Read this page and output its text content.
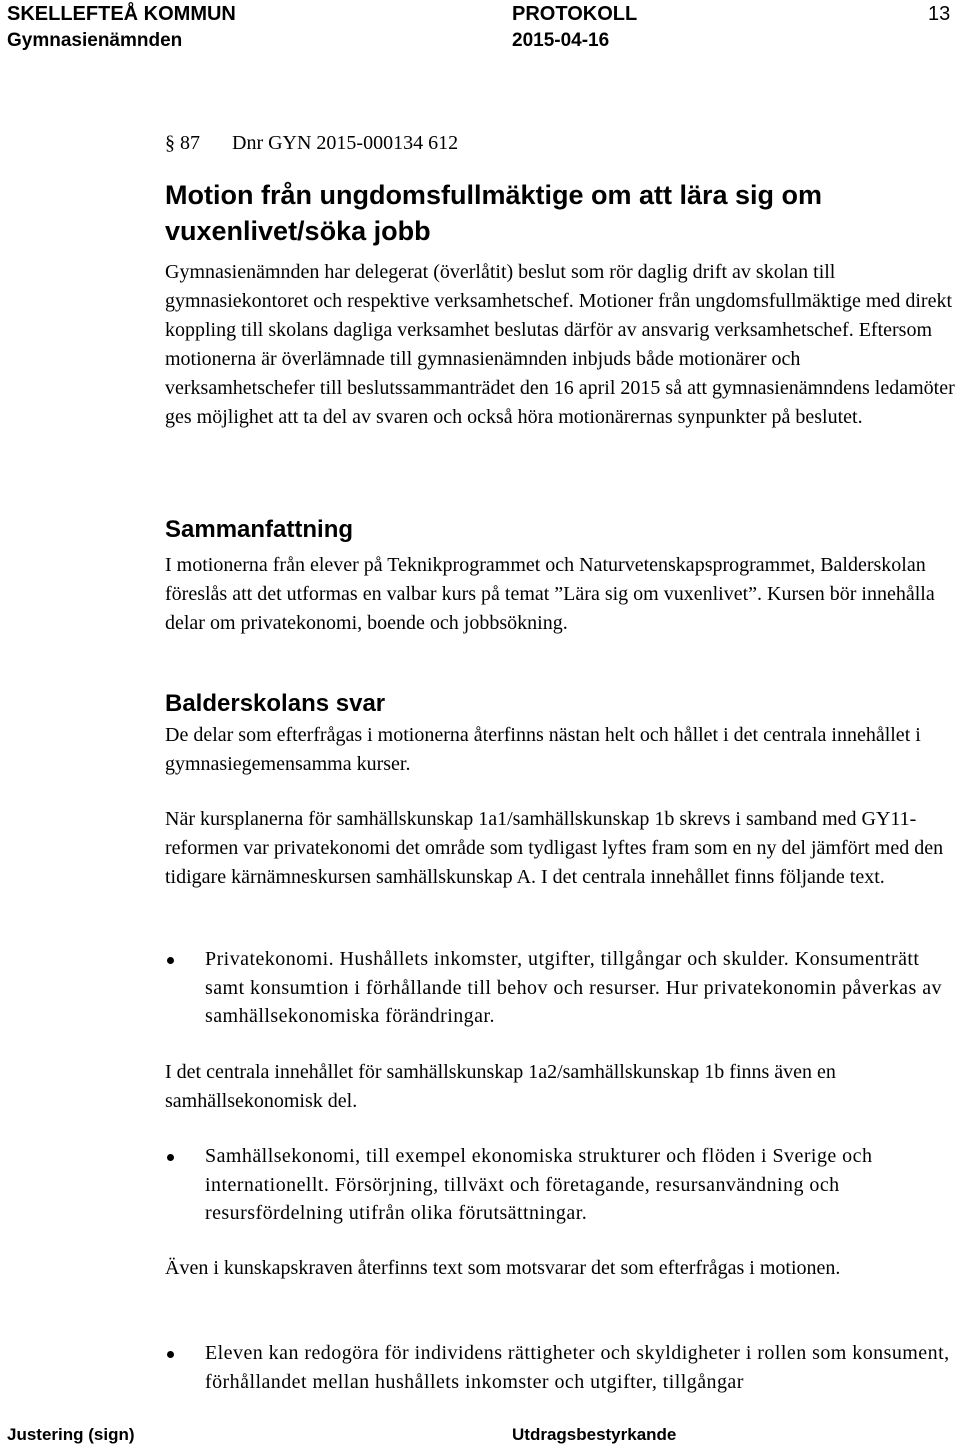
SKELLEFTEÅ KOMMUN	PROTOKOLL	13
Gymnasienämnden	2015-04-16
§ 87 Dnr GYN 2015-000134 612
Motion från ungdomsfullmäktige om att lära sig om vuxenlivet/söka jobb

Gymnasienämnden har delegerat (överlåtit) beslut som rör daglig drift av skolan till gymnasiekontoret och respektive verksamhetschef. Motioner från ungdomsfullmäktige med direkt koppling till skolans dagliga verksamhet beslutas därför av ansvarig verksamhetschef. Eftersom motionerna är överlämnade till gymnasienämnden inbjuds både motionärer och verksamhetschefer till beslutssammanträdet den 16 april 2015 så att gymnasienämndens ledamöter ges möjlighet att ta del av svaren och också höra motionärernas synpunkter på beslutet.

Sammanfattning

I motionerna från elever på Teknikprogrammet och Naturvetenskapsprogrammet, Balderskolan föreslås att det utformas en valbar kurs på temat ”Lära sig om vuxenlivet”. Kursen bör innehålla delar om privatekonomi, boende och jobbsökning.

Balderskolans svar

De delar som efterfrågas i motionerna återfinns nästan helt och hållet i det centrala innehållet i gymnasiegemensamma kurser.

När kursplanerna för samhällskunskap 1a1/samhällskunskap 1b skrevs i samband med GY11-reformen var privatekonomi det område som tydligast lyftes fram som en ny del jämfört med den tidigare kärnämneskursen samhällskunskap A. I det centrala innehållet finns följande text.

Privatekonomi. Hushållets inkomster, utgifter, tillgångar och skulder. Konsumenträtt samt konsumtion i förhållande till behov och resurser. Hur privatekonomin påverkas av samhällsekonomiska förändringar.

I det centrala innehållet för samhällskunskap 1a2/samhällskunskap 1b finns även en samhällsekonomisk del.

Samhällsekonomi, till exempel ekonomiska strukturer och flöden i Sverige och internationellt. Försörjning, tillväxt och företagande, resursanvändning och resursfördelning utifrån olika förutsättningar.

Även i kunskapskraven återfinns text som motsvarar det som efterfrågas i motionen.

Eleven kan redogöra för individens rättigheter och skyldigheter i rollen som konsument, förhållandet mellan hushållets inkomster och utgifter, tillgångar

Justering (sign)	Utdragsbestyrkande
